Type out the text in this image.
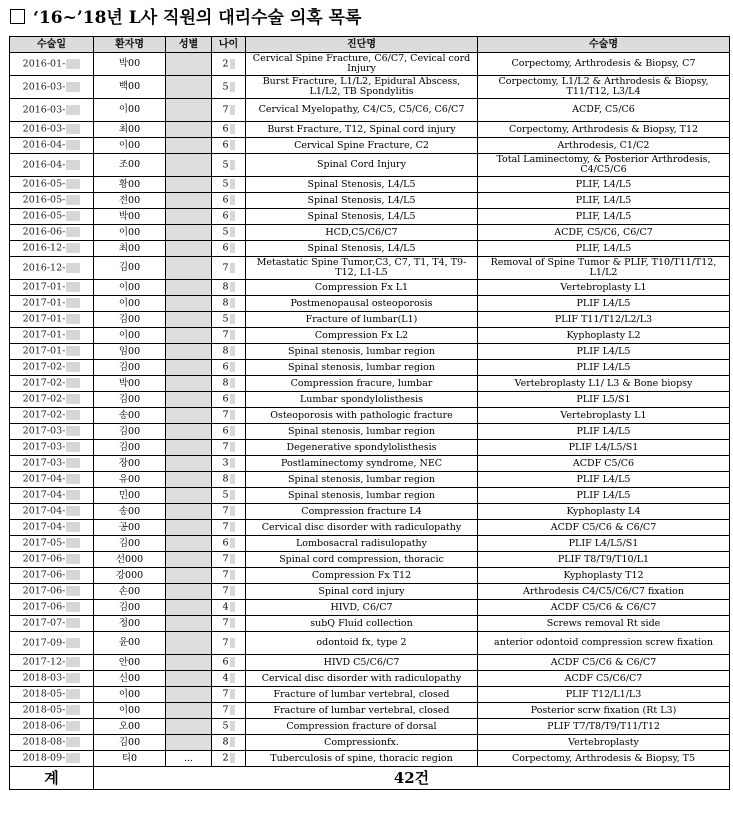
‘16~’18년 L사 직원의 대리수술 의혹 목록
수술일	환자명	성별	나이	진단명	수술명
2016-01-	박00		2	Cervical Spine Fracture, C6/C7, Cevical cord Injury	Corpectomy, Arthrodesis & Biopsy, C7
2016-03-	백00		5	Burst Fracture, L1/L2, Epidural Abscess, L1/L2, TB Spondylitis	Corpectomy, L1/L2 & Arthrodesis & Biopsy, T11/T12, L3/L4
2016-03-	이00		7	Cervical Myelopathy, C4/C5, C5/C6, C6/C7	ACDF, C5/C6
2016-03-	최00		6	Burst Fracture, T12, Spinal cord injury	Corpectomy, Arthrodesis & Biopsy, T12
2016-04-	이00		6	Cervical Spine Fracture, C2	Arthrodesis, C1/C2
2016-04-	조00		5	Spinal Cord Injury	Total Laminectomy, & Posterior Arthrodesis, C4/C5/C6
2016-05-	황00		5	Spinal Stenosis, L4/L5	PLIF, L4/L5
2016-05-	전00		6	Spinal Stenosis, L4/L5	PLIF, L4/L5
2016-05-	박00		6	Spinal Stenosis, L4/L5	PLIF, L4/L5
2016-06-	이00		5	HCD,C5/C6/C7	ACDF, C5/C6, C6/C7
2016-12-	최00		6	Spinal Stenosis, L4/L5	PLIF, L4/L5
2016-12-	김00		7	Metastatic Spine Tumor,C3, C7, T1, T4, T9-T12, L1-L5	Removal of Spine Tumor & PLIF, T10/T11/T12, L1/L2
2017-01-	이00		8	Compression Fx L1	Vertebroplasty L1
2017-01-	이00		8	Postmenopausal osteoporosis	PLIF L4/L5
2017-01-	김00		5	Fracture of lumbar(L1)	PLIF T11/T12/L2/L3
2017-01-	이00		7	Compression Fx L2	Kyphoplasty L2
2017-01-	임00		8	Spinal stenosis, lumbar region	PLIF L4/L5
2017-02-	김00		6	Spinal stenosis, lumbar region	PLIF L4/L5
2017-02-	박00		8	Compression fracure, lumbar	Vertebroplasty L1/ L3 & Bone biopsy
2017-02-	김00		6	Lumbar spondylolisthesis	PLIF L5/S1
2017-02-	송00		7	Osteoporosis with pathologic fracture	Vertebroplasty L1
2017-03-	김00		6	Spinal stenosis, lumbar region	PLIF L4/L5
2017-03-	김00		7	Degenerative spondylolisthesis	PLIF L4/L5/S1
2017-03-	장00		3	Postlaminectomy syndrome, NEC	ACDF C5/C6
2017-04-	유00		8	Spinal stenosis, lumbar region	PLIF L4/L5
2017-04-	민00		5	Spinal stenosis, lumbar region	PLIF L4/L5
2017-04-	송00		7	Compression fracture L4	Kyphoplasty L4
2017-04-	공00		7	Cervical disc disorder with radiculopathy	ACDF C5/C6 & C6/C7
2017-05-	김00		6	Lombosacral radisulopathy	PLIF L4/L5/S1
2017-06-	선000		7	Spinal cord compression, thoracic	PLIF T8/T9/T10/L1
2017-06-	강000		7	Compression Fx T12	Kyphoplasty T12
2017-06-	손00		7	Spinal cord injury	Arthrodesis C4/C5/C6/C7 fixation
2017-06-	김00		4	HIVD, C6/C7	ACDF C5/C6 & C6/C7
2017-07-	정00		7	subQ Fluid collection	Screws removal Rt side
2017-09-	윤00		7	odontoid fx, type 2	anterior odontoid compression screw fixation
2017-12-	안00		6	HIVD C5/C6/C7	ACDF C5/C6 & C6/C7
2018-03-	신00		4	Cervical disc disorder with radiculopathy	ACDF C5/C6/C7
2018-05-	이00		7	Fracture of lumbar vertebral, closed	PLIF T12/L1/L3
2018-05-	이00		7	Fracture of lumbar vertebral, closed	Posterior scrw fixation (Rt L3)
2018-06-	오00		5	Compression fracture of dorsal	PLIF T7/T8/T9/T11/T12
2018-08-	김00		8	Compressionfx.	Vertebroplasty
2018-09-	티0	...	2	Tuberculosis of spine, thoracic region	Corpectomy, Arthrodesis & Biopsy, T5
계	42건				
